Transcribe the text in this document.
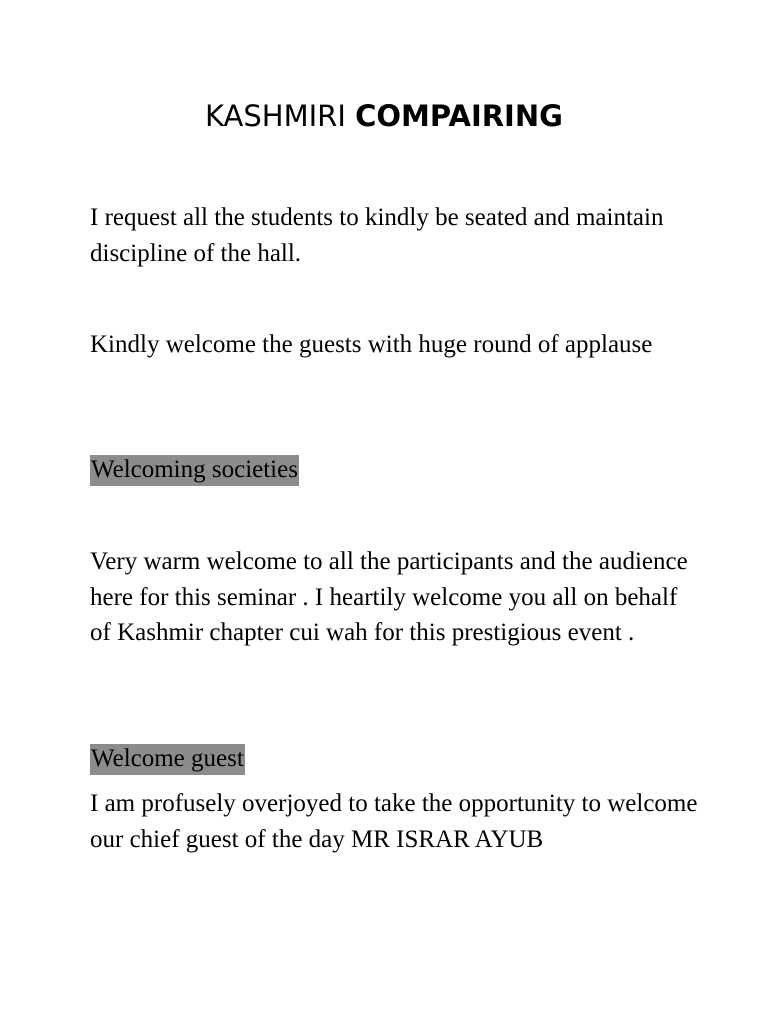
KASHMIRI COMPAIRING

I request all the students to kindly be seated and maintain discipline of the hall.

Kindly welcome the guests with huge round of applause

Welcoming societies

Very warm welcome to all the participants and the audience here for this seminar . I heartily welcome you all on behalf of Kashmir chapter cui wah for this prestigious event .

Welcome guest

I am profusely overjoyed to take the opportunity to welcome our chief guest of the day MR ISRAR AYUB
